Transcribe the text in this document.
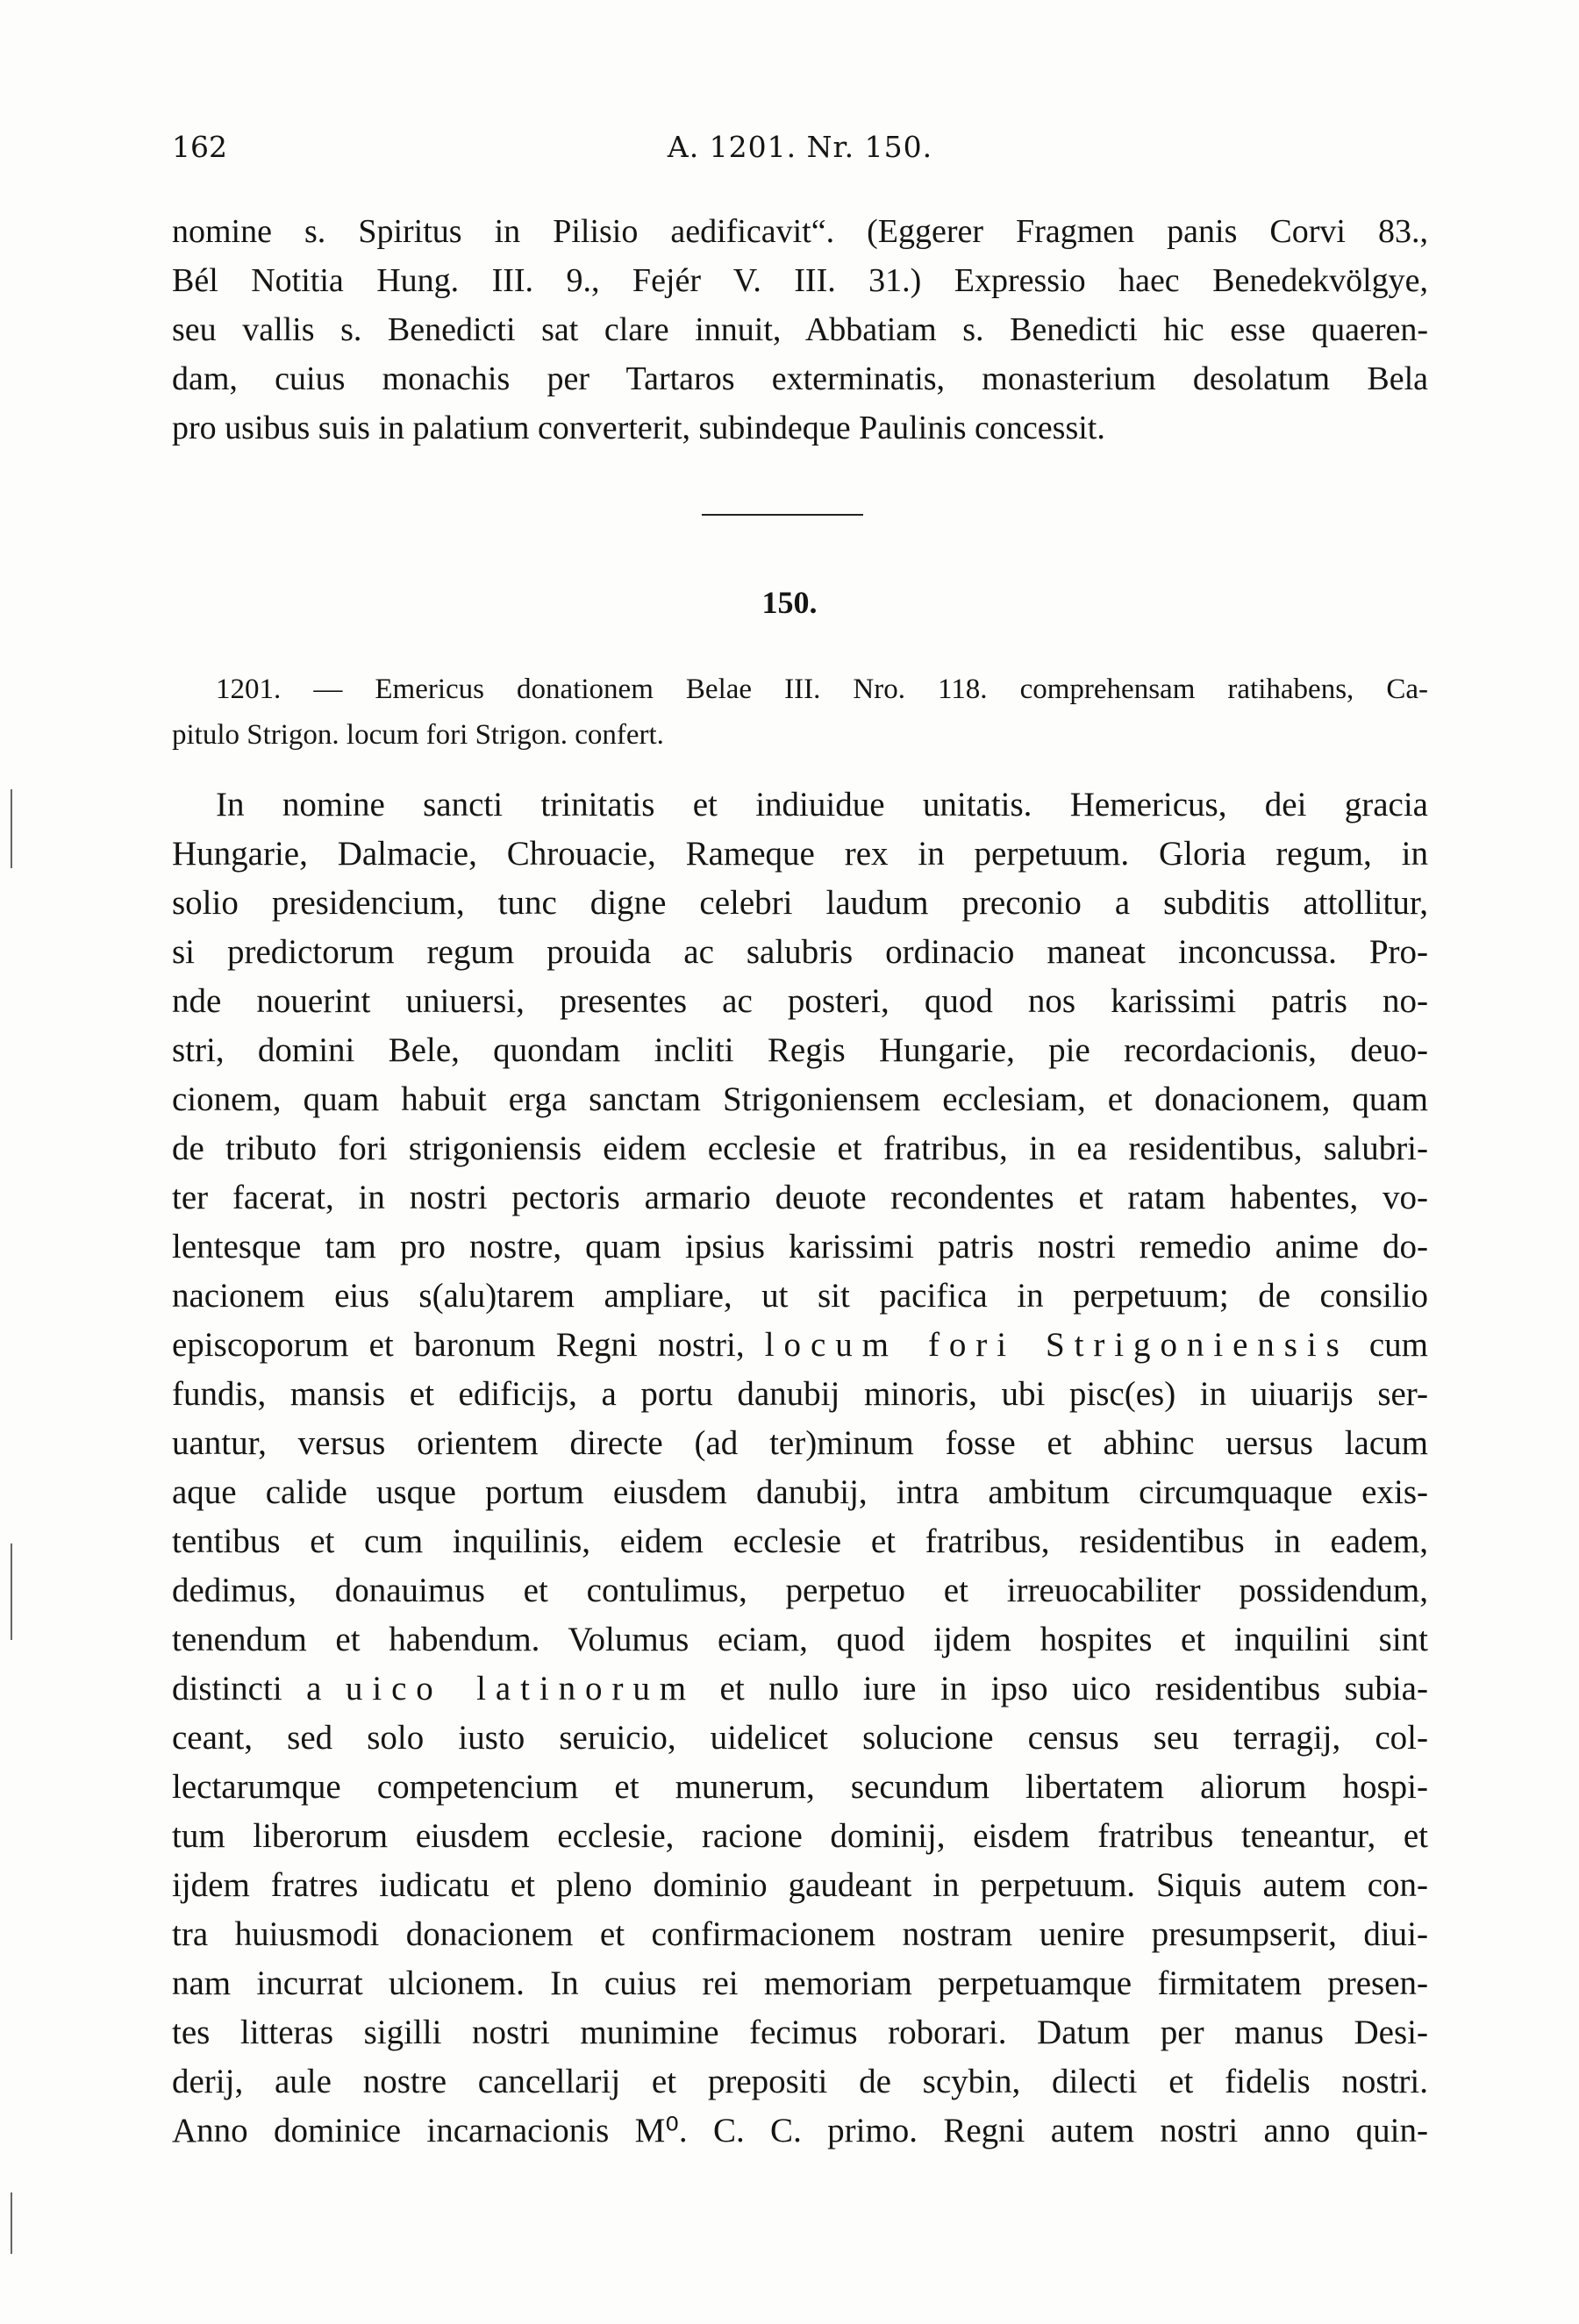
162	A. 1201. Nr. 150.
nomine s. Spiritus in Pilisio aedificavit“. (Eggerer Fragmen panis Corvi 83.,
Bél Notitia Hung. III. 9., Fejér V. III. 31.) Expressio haec Benedekvölgye,
seu vallis s. Benedicti sat clare innuit, Abbatiam s. Benedicti hic esse quaeren-
dam, cuius monachis per Tartaros exterminatis, monasterium desolatum Bela
pro usibus suis in palatium converterit, subindeque Paulinis concessit.
150.
1201. — Emericus donationem Belae III. Nro. 118. comprehensam ratihabens, Ca-
pitulo Strigon. locum fori Strigon. confert.
In nomine sancti trinitatis et indiuidue unitatis. Hemericus, dei gracia
Hungarie, Dalmacie, Chrouacie, Rameque rex in perpetuum. Gloria regum, in
solio presidencium, tunc digne celebri laudum preconio a subditis attollitur,
si predictorum regum prouida ac salubris ordinacio maneat inconcussa. Pro-
nde nouerint uniuersi, presentes ac posteri, quod nos karissimi patris no-
stri, domini Bele, quondam incliti Regis Hungarie, pie recordacionis, deuo-
cionem, quam habuit erga sanctam Strigoniensem ecclesiam, et donacionem, quam
de tributo fori strigoniensis eidem ecclesie et fratribus, in ea residentibus, salubri-
ter facerat, in nostri pectoris armario deuote recondentes et ratam habentes, vo-
lentesque tam pro nostre, quam ipsius karissimi patris nostri remedio anime do-
nacionem eius s(alu)tarem ampliare, ut sit pacifica in perpetuum; de consilio
episcoporum et baronum Regni nostri, locum fori Strigoniensis cum
fundis, mansis et edificijs, a portu danubij minoris, ubi pisc(es) in uiuarijs ser-
uantur, versus orientem directe (ad ter)minum fosse et abhinc uersus lacum
aque calide usque portum eiusdem danubij, intra ambitum circumquaque exis-
tentibus et cum inquilinis, eidem ecclesie et fratribus, residentibus in eadem,
dedimus, donauimus et contulimus, perpetuo et irreuocabiliter possidendum,
tenendum et habendum. Volumus eciam, quod ijdem hospites et inquilini sint
distincti a uico latinorum et nullo iure in ipso uico residentibus subia-
ceant, sed solo iusto seruicio, uidelicet solucione census seu terragij, col-
lectarumque competencium et munerum, secundum libertatem aliorum hospi-
tum liberorum eiusdem ecclesie, racione dominij, eisdem fratribus teneantur, et
ijdem fratres iudicatu et pleno dominio gaudeant in perpetuum. Siquis autem con-
tra huiusmodi donacionem et confirmacionem nostram uenire presumpserit, diui-
nam incurrat ulcionem. In cuius rei memoriam perpetuamque firmitatem presen-
tes litteras sigilli nostri munimine fecimus roborari. Datum per manus Desi-
derij, aule nostre cancellarij et prepositi de scybin, dilecti et fidelis nostri.
Anno dominice incarnacionis M⁰. C. C. primo. Regni autem nostri anno quin-
